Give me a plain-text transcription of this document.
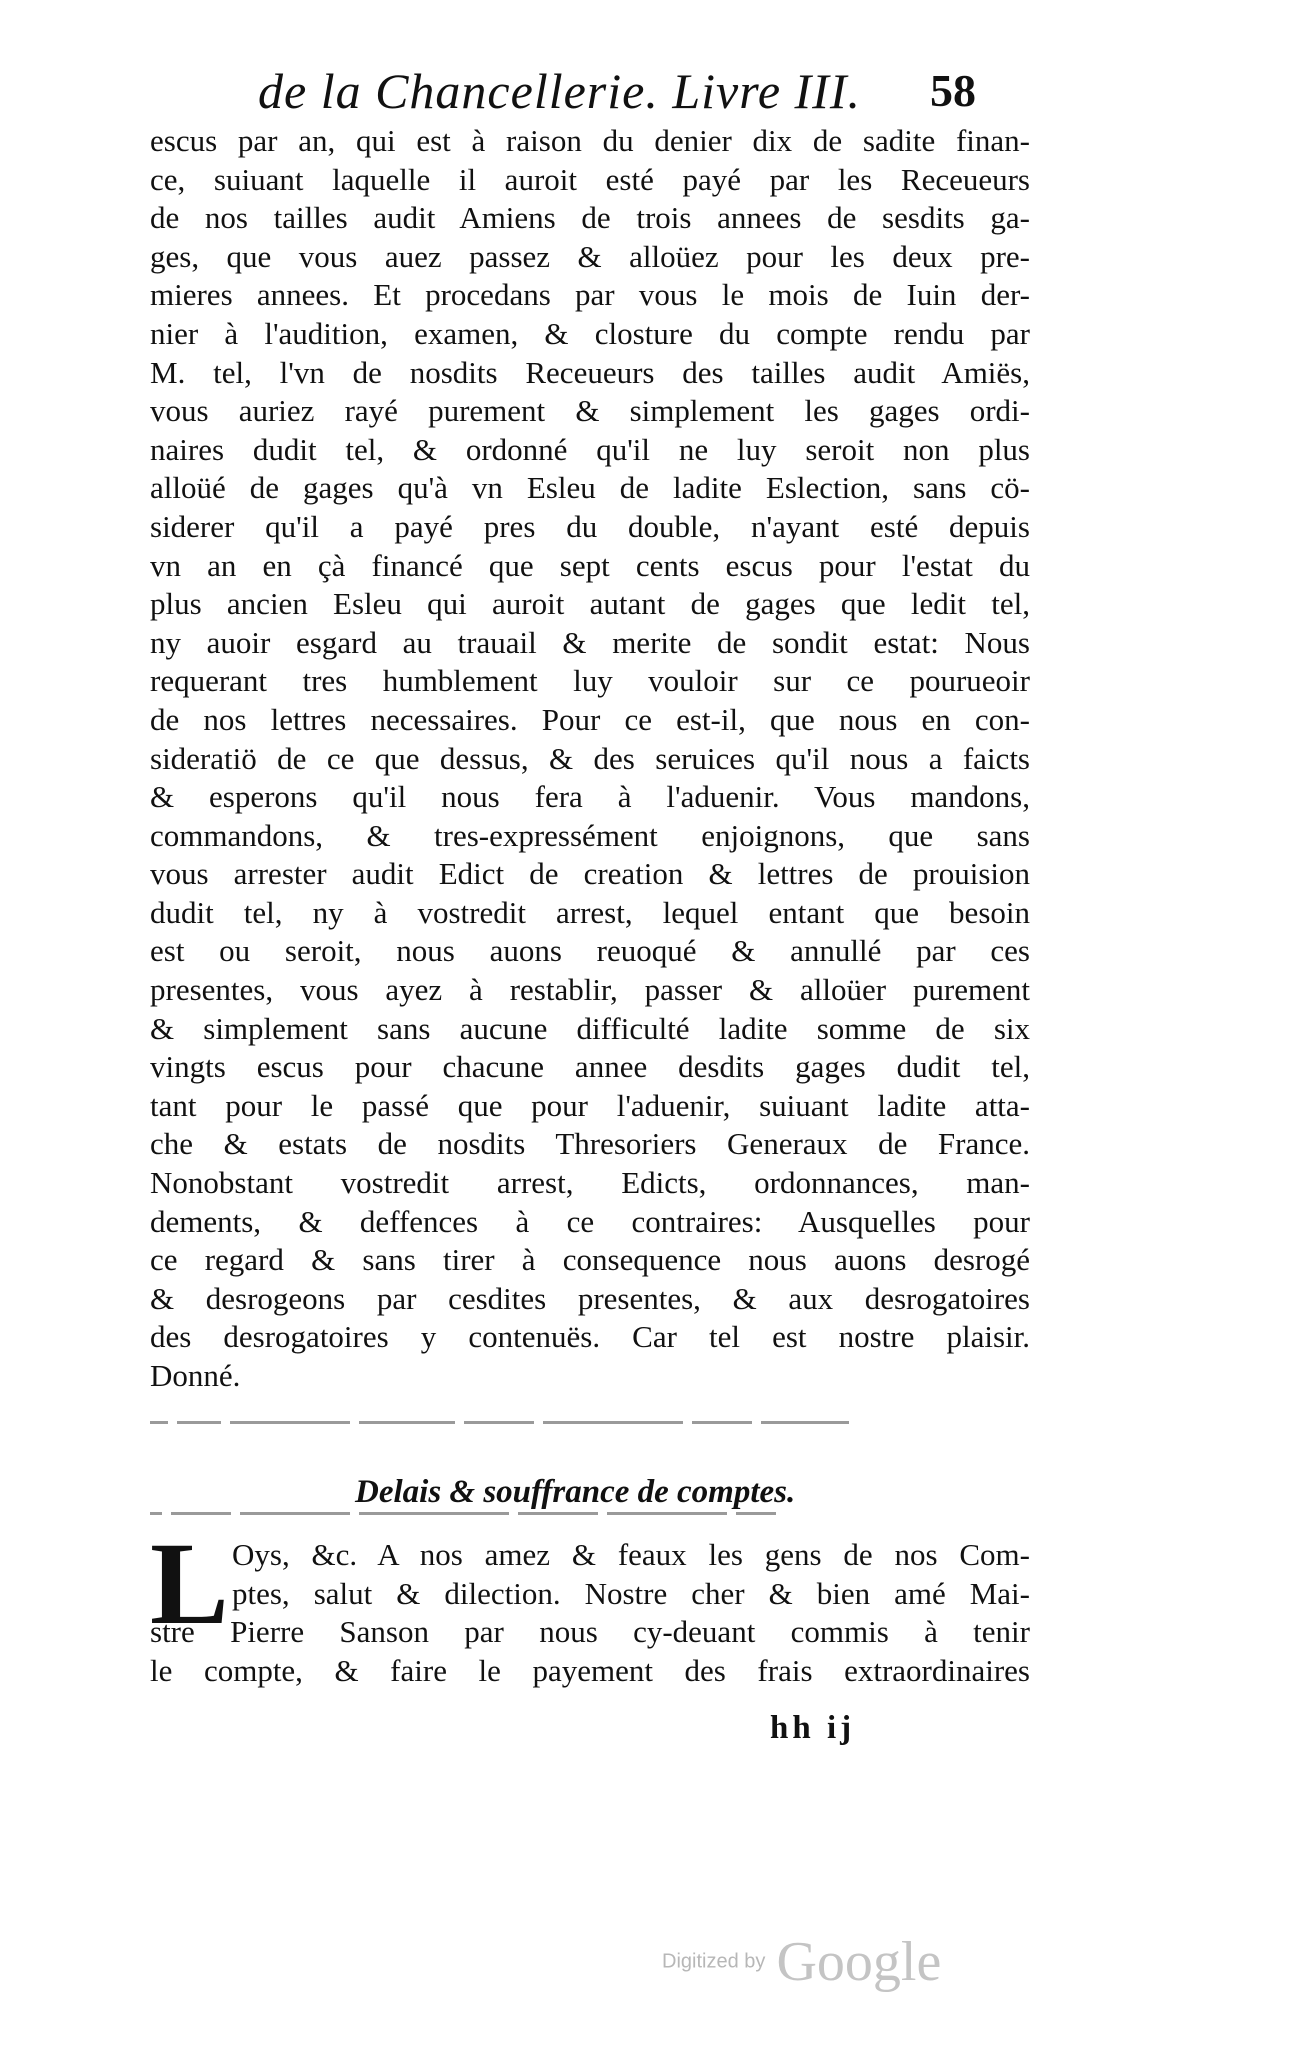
de la Chancellerie. Livre III. 58
escus par an, qui est à raison du denier dix de sadite finan-
ce, suiuant laquelle il auroit esté payé par les Receueurs
de nos tailles audit Amiens de trois annees de sesdits ga-
ges, que vous auez passez & alloüez pour les deux pre-
mieres annees. Et procedans par vous le mois de Iuin der-
nier à l'audition, examen, & closture du compte rendu par
M. tel, l'vn de nosdits Receueurs des tailles audit Amiës,
vous auriez rayé purement & simplement les gages ordi-
naires dudit tel, & ordonné qu'il ne luy seroit non plus
alloüé de gages qu'à vn Esleu de ladite Eslection, sans cö-
siderer qu'il a payé pres du double, n'ayant esté depuis
vn an en çà financé que sept cents escus pour l'estat du
plus ancien Esleu qui auroit autant de gages que ledit tel,
ny auoir esgard au trauail & merite de sondit estat: Nous
requerant tres humblement luy vouloir sur ce pourueoir
de nos lettres necessaires. Pour ce est-il, que nous en con-
sideratiö de ce que dessus, & des seruices qu'il nous a faicts
& esperons qu'il nous fera à l'aduenir. Vous mandons,
commandons, & tres-expressément enjoignons, que sans
vous arrester audit Edict de creation & lettres de prouision
dudit tel, ny à vostredit arrest, lequel entant que besoin
est ou seroit, nous auons reuoqué & annullé par ces
presentes, vous ayez à restablir, passer & alloüer purement
& simplement sans aucune difficulté ladite somme de six
vingts escus pour chacune annee desdits gages dudit tel,
tant pour le passé que pour l'aduenir, suiuant ladite atta-
che & estats de nosdits Thresoriers Generaux de France.
Nonobstant vostredit arrest, Edicts, ordonnances, man-
dements, & deffences à ce contraires: Ausquelles pour
ce regard & sans tirer à consequence nous auons desrogé
& desrogeons par cesdites presentes, & aux desrogatoires
des desrogatoires y contenuës. Car tel est nostre plaisir.
Donné.
Delais & souffrance de comptes.
L Oys, &c. A nos amez & feaux les gens de nos Com-
ptes, salut & dilection. Nostre cher & bien amé Mai-
stre Pierre Sanson par nous cy-deuant commis à tenir
le compte, & faire le payement des frais extraordinaires
hh ij
Digitized by Google
